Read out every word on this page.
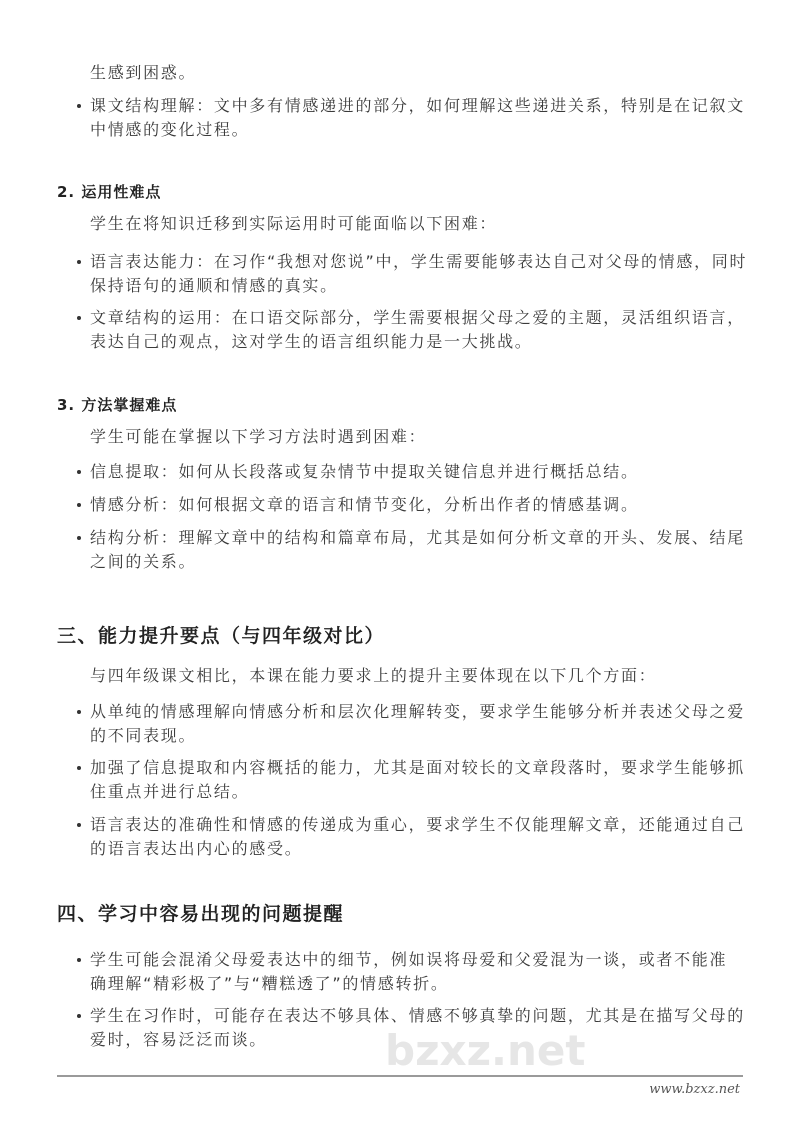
bzxz.net
生感到困惑。
课文结构理解：文中多有情感递进的部分，如何理解这些递进关系，特别是在记叙文中情感的变化过程。
2. 运用性难点
学生在将知识迁移到实际运用时可能面临以下困难：
语言表达能力：在习作“我想对您说”中，学生需要能够表达自己对父母的情感，同时保持语句的通顺和情感的真实。
文章结构的运用：在口语交际部分，学生需要根据父母之爱的主题，灵活组织语言，表达自己的观点，这对学生的语言组织能力是一大挑战。
3. 方法掌握难点
学生可能在掌握以下学习方法时遇到困难：
信息提取：如何从长段落或复杂情节中提取关键信息并进行概括总结。
情感分析：如何根据文章的语言和情节变化，分析出作者的情感基调。
结构分析：理解文章中的结构和篇章布局，尤其是如何分析文章的开头、发展、结尾之间的关系。
三、能力提升要点（与四年级对比）
与四年级课文相比，本课在能力要求上的提升主要体现在以下几个方面：
从单纯的情感理解向情感分析和层次化理解转变，要求学生能够分析并表述父母之爱的不同表现。
加强了信息提取和内容概括的能力，尤其是面对较长的文章段落时，要求学生能够抓住重点并进行总结。
语言表达的准确性和情感的传递成为重心，要求学生不仅能理解文章，还能通过自己的语言表达出内心的感受。
四、学习中容易出现的问题提醒
学生可能会混淆父母爱表达中的细节，例如误将母爱和父爱混为一谈，或者不能准确理解“精彩极了”与“糟糕透了”的情感转折。
学生在习作时，可能存在表达不够具体、情感不够真挚的问题，尤其是在描写父母的爱时，容易泛泛而谈。
www.bzxz.net
